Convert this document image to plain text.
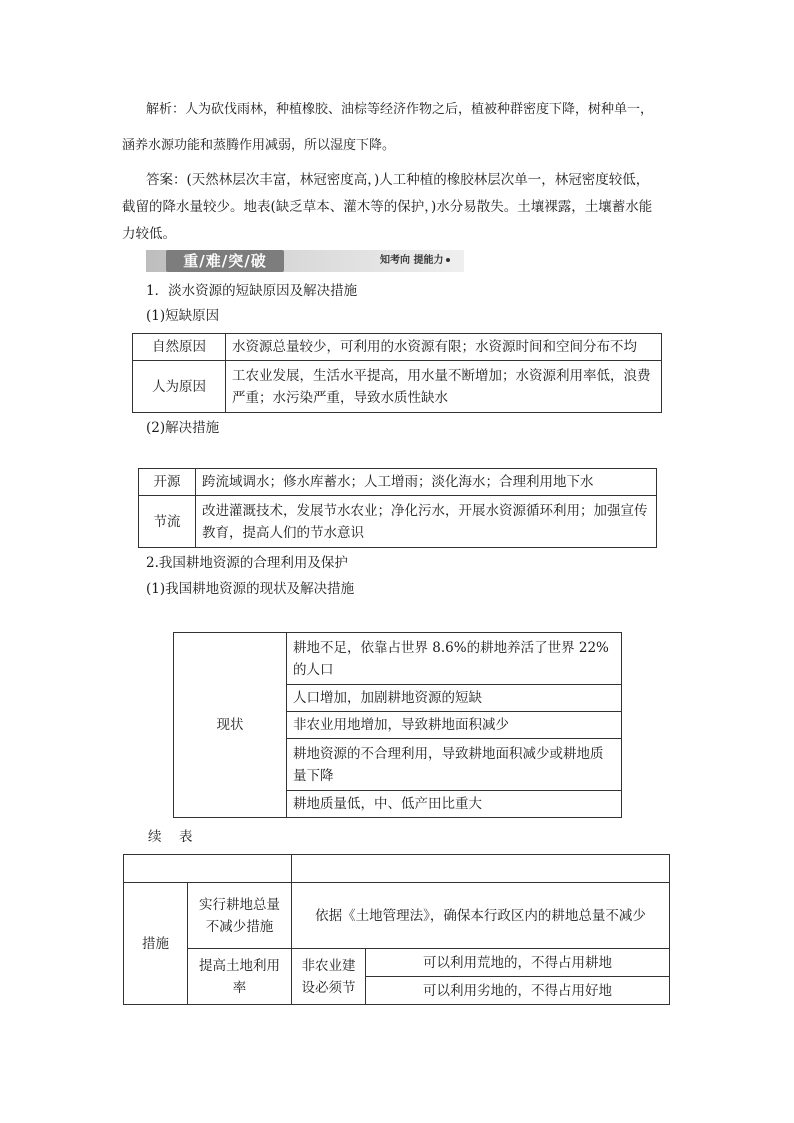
解析：人为砍伐雨林，种植橡胶、油棕等经济作物之后，植被种群密度下降，树种单一，
涵养水源功能和蒸腾作用减弱，所以湿度下降。
答案：(天然林层次丰富，林冠密度高，)人工种植的橡胶林层次单一，林冠密度较低，
截留的降水量较少。地表(缺乏草本、灌木等的保护，)水分易散失。土壤裸露，土壤蓄水能
力较低。
重/难/突/破	知考向 提能力
1．淡水资源的短缺原因及解决措施
(1)短缺原因
自然原因	水资源总量较少，可利用的水资源有限；水资源时间和空间分布不均
人为原因	工农业发展，生活水平提高，用水量不断增加；水资源利用率低，浪费严重；水污染严重，导致水质性缺水
(2)解决措施
开源	跨流域调水；修水库蓄水；人工增雨；淡化海水；合理利用地下水
节流	改进灌溉技术，发展节水农业；净化污水，开展水资源循环利用；加强宣传教育，提高人们的节水意识
2.我国耕地资源的合理利用及保护
(1)我国耕地资源的现状及解决措施
现状	耕地不足，依靠占世界 8.6%的耕地养活了世界 22%的人口
人口增加，加剧耕地资源的短缺
非农业用地增加，导致耕地面积减少
耕地资源的不合理利用，导致耕地面积减少或耕地质量下降
耕地质量低，中、低产田比重大
续　表

措施	实行耕地总量不减少措施	依据《土地管理法》，确保本行政区内的耕地总量不减少	
	提高土地利用率	非农业建设必须节	可以利用荒地的，不得占用耕地
			可以利用劣地的，不得占用好地
